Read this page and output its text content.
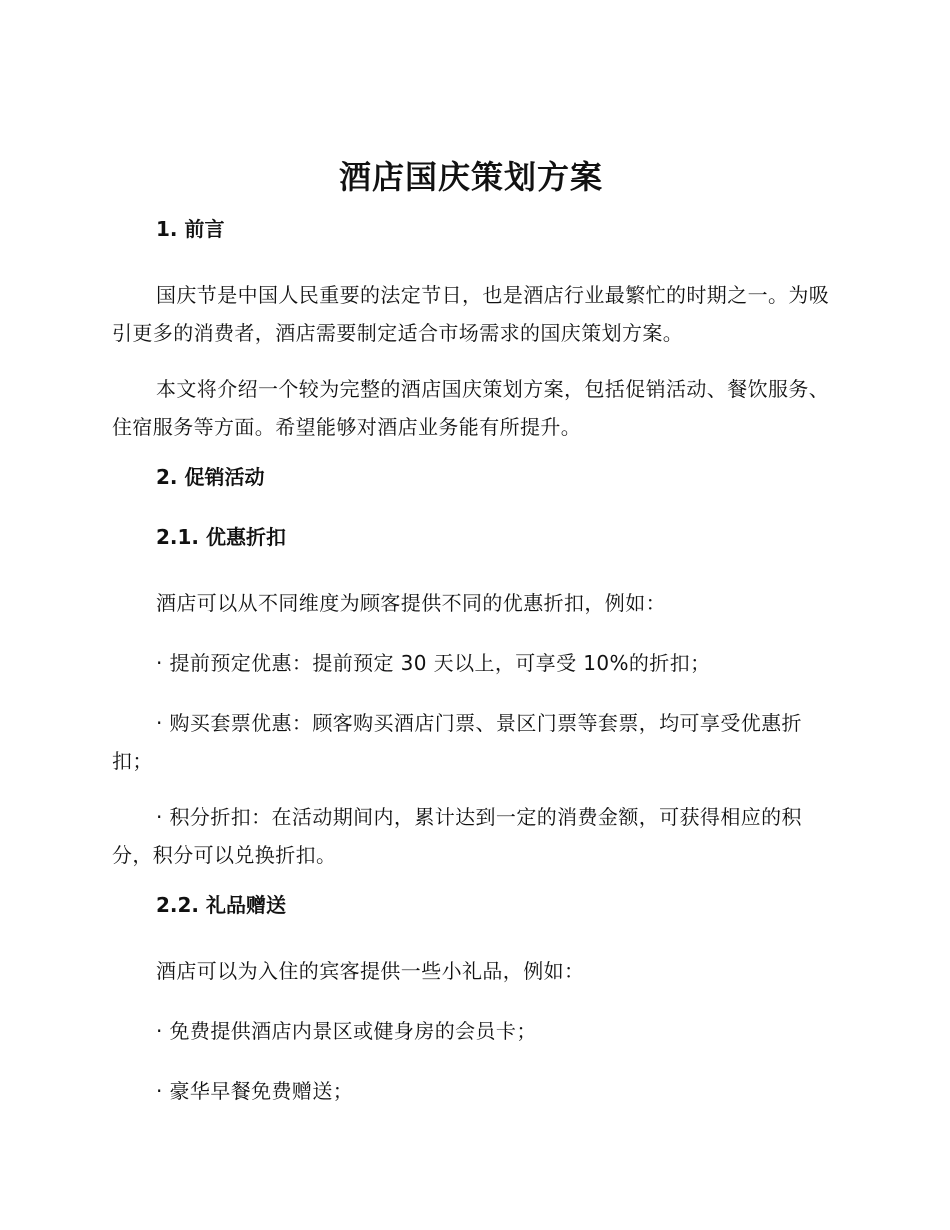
酒店国庆策划方案
1. 前言
国庆节是中国人民重要的法定节日，也是酒店行业最繁忙的时期之一。为吸引更多的消费者，酒店需要制定适合市场需求的国庆策划方案。
本文将介绍一个较为完整的酒店国庆策划方案，包括促销活动、餐饮服务、住宿服务等方面。希望能够对酒店业务能有所提升。
2. 促销活动
2.1. 优惠折扣
酒店可以从不同维度为顾客提供不同的优惠折扣，例如：
· 提前预定优惠：提前预定 30 天以上，可享受 10%的折扣；
· 购买套票优惠：顾客购买酒店门票、景区门票等套票，均可享受优惠折扣；
· 积分折扣：在活动期间内，累计达到一定的消费金额，可获得相应的积分，积分可以兑换折扣。
2.2. 礼品赠送
酒店可以为入住的宾客提供一些小礼品，例如：
· 免费提供酒店内景区或健身房的会员卡；
· 豪华早餐免费赠送；
